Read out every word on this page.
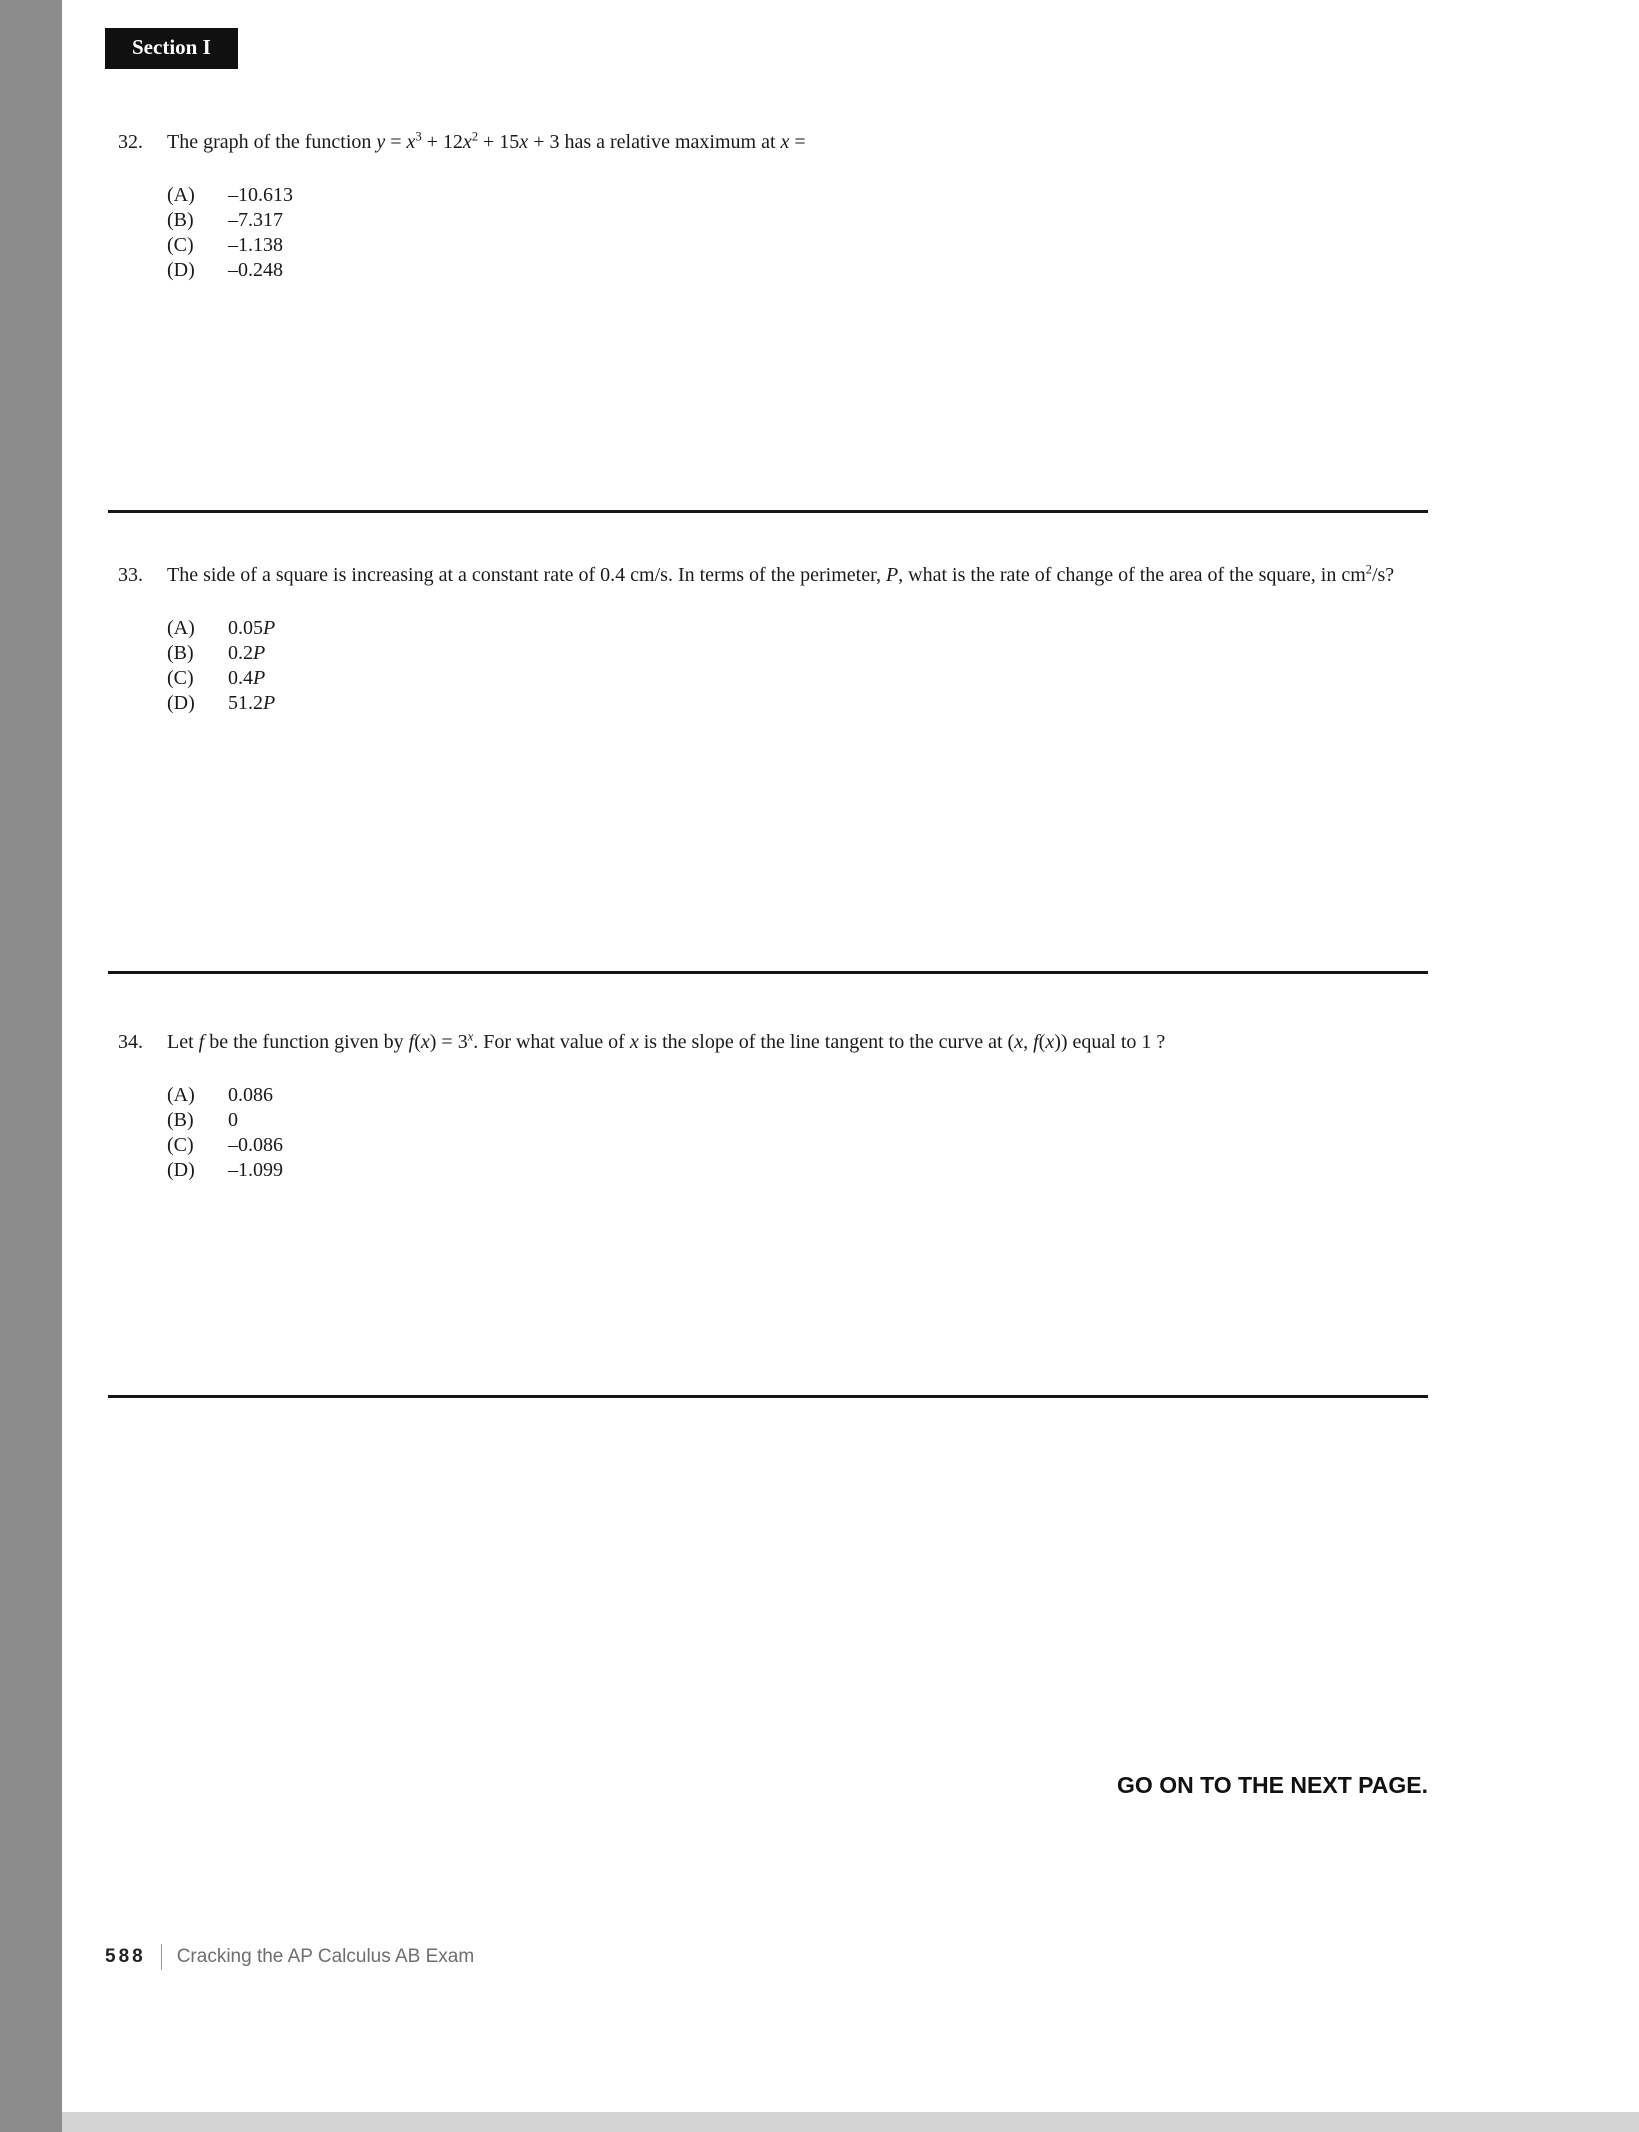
Section I
32.	The graph of the function $y = x^3 + 12x^2 + 15x + 3$ has a relative maximum at x =
(A)	–10.613
(B)	–7.317
(C)	–1.138
(D)	–0.248
33.	The side of a square is increasing at a constant rate of 0.4 cm/s. In terms of the perimeter, P, what is the rate of change of the area of the square, in $cm^2/s$?
(A)	0.05P
(B)	0.2P
(C)	0.4P
(D)	51.2P
34.	Let f be the function given by $f(x) = 3^x$. For what value of x is the slope of the line tangent to the curve at (x, f(x)) equal to 1 ?
(A)	0.086
(B)	0
(C)	–0.086
(D)	–1.099
GO ON TO THE NEXT PAGE.
588 Cracking the AP Calculus AB Exam
